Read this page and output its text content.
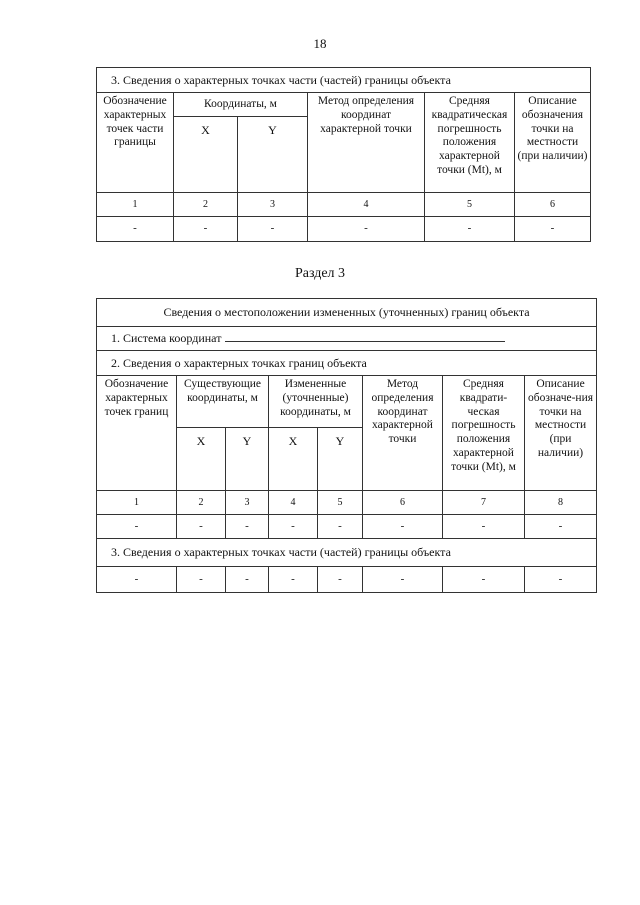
18
3. Сведения о характерных точках части (частей) границы объекта					
Обозначение характерных точек части границы	Координаты, м		Метод определения координат характерной точки	Средняя квадратическая погрешность положения характерной точки (Mt), м	Описание обозначения точки на местности (при наличии)
	X	Y			
1	2	3	4	5	6
-	-	-	-	-	-
Раздел 3
Сведения о местоположении измененных (уточненных) границ объекта							
1. Система координат							
2. Сведения о характерных точках границ объекта							
Обозначение характерных точек границ	Существующие координаты, м		Измененные (уточненные) координаты, м		Метод определения координат характерной точки	Средняя квадрати-ческая погрешность положения характерной точки (Mt), м	Описание обозначе-ния точки на местности (при наличии)
	X	Y	X	Y			
1	2	3	4	5	6	7	8
-	-	-	-	-	-	-	-
3. Сведения о характерных точках части (частей) границы объекта							
-	-	-	-	-	-	-	-
